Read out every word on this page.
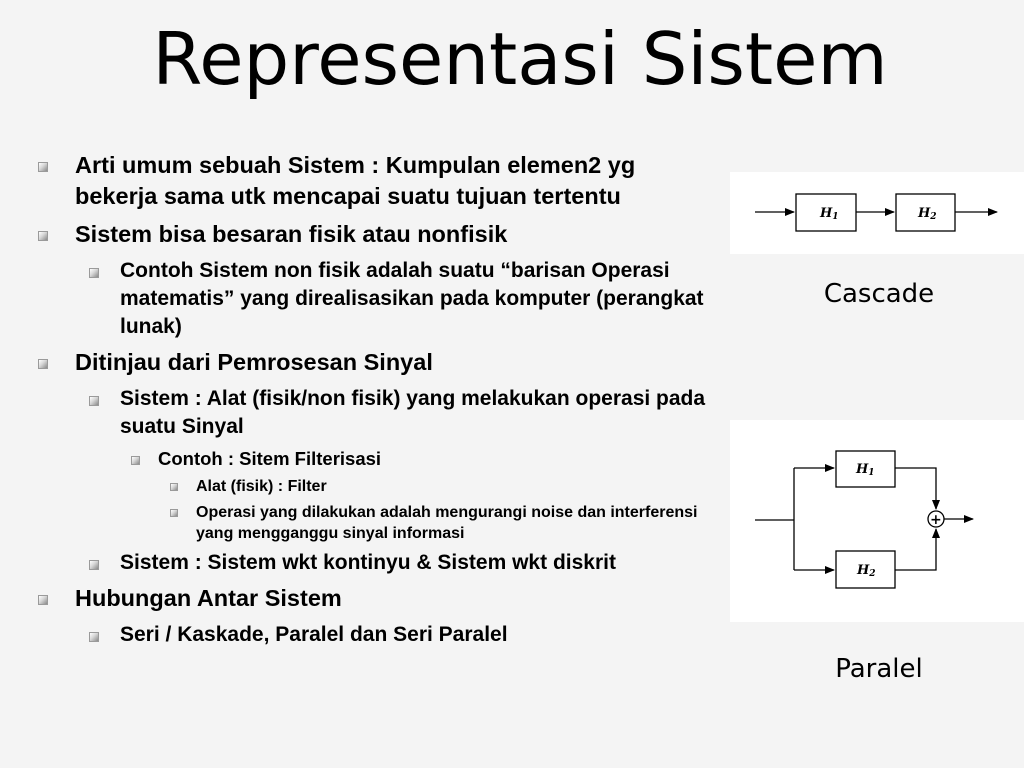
Representasi Sistem
Arti umum sebuah Sistem : Kumpulan elemen2 yg bekerja sama utk mencapai suatu tujuan tertentu
Sistem bisa besaran fisik atau nonfisik
Contoh Sistem non fisik adalah suatu “barisan Operasi matematis” yang direalisasikan pada komputer (perangkat lunak)
Ditinjau dari Pemrosesan Sinyal
Sistem : Alat (fisik/non fisik) yang melakukan operasi pada suatu Sinyal
Contoh : Sitem Filterisasi
Alat (fisik) : Filter
Operasi yang dilakukan adalah mengurangi noise dan interferensi yang mengganggu sinyal informasi
Sistem : Sistem wkt kontinyu & Sistem wkt diskrit
Hubungan Antar Sistem
Seri / Kaskade, Paralel dan Seri Paralel
H1	H2
Cascade
H1
H2
+
Paralel
